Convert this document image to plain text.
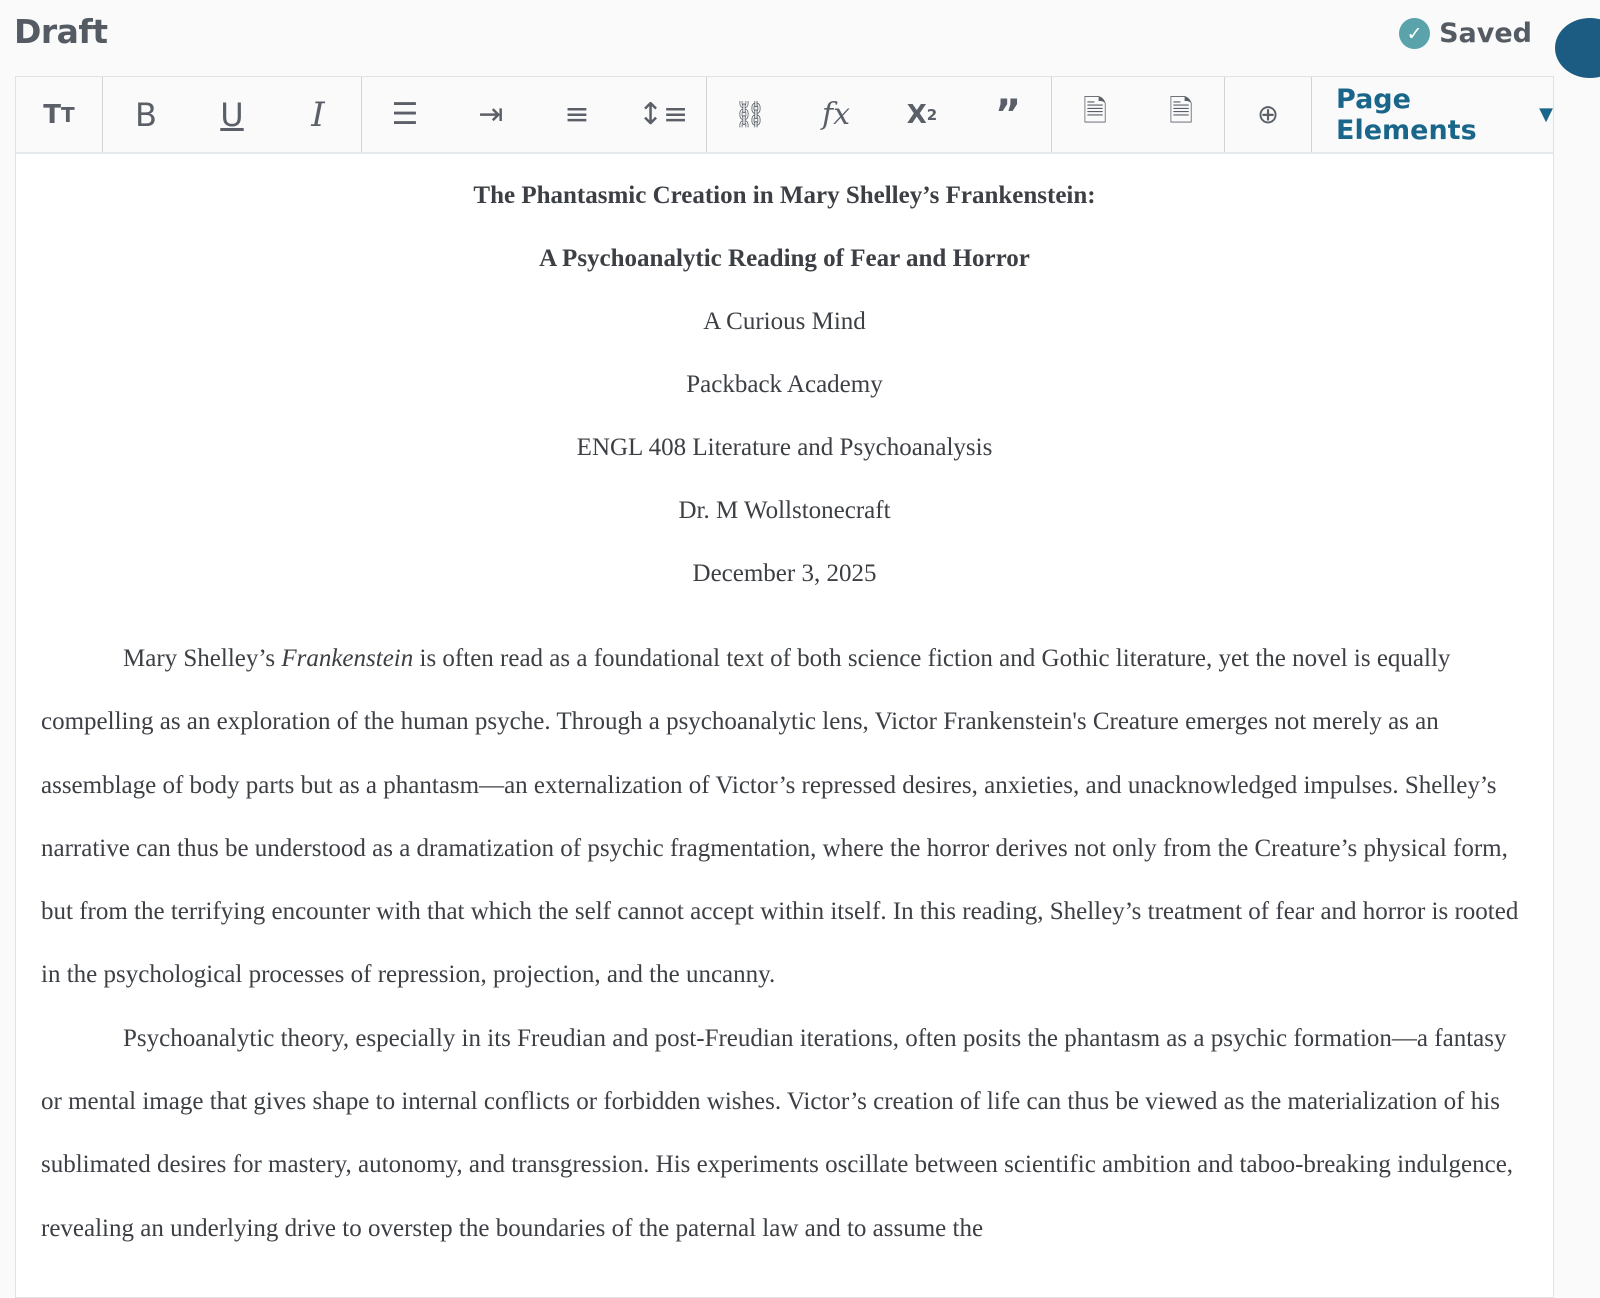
Draft	✓ Saved
T T	B	U	I	☰	⇥	≡	↕≡	⛓	fx	X 2	”	🗎	🗎	⊕	Page Elements	▼
The Phantasmic Creation in Mary Shelley’s Frankenstein:
A Psychoanalytic Reading of Fear and Horror
A Curious Mind
Packback Academy
ENGL 408 Literature and Psychoanalysis
Dr. M Wollstonecraft
December 3, 2025

Mary Shelley’s Frankenstein is often read as a foundational text of both science fiction and Gothic literature, yet the novel is equally compelling as an exploration of the human psyche. Through a psychoanalytic lens, Victor Frankenstein's Creature emerges not merely as an assemblage of body parts but as a phantasm—an externalization of Victor’s repressed desires, anxieties, and unacknowledged impulses. Shelley’s narrative can thus be understood as a dramatization of psychic fragmentation, where the horror derives not only from the Creature’s physical form, but from the terrifying encounter with that which the self cannot accept within itself. In this reading, Shelley’s treatment of fear and horror is rooted in the psychological processes of repression, projection, and the uncanny.

Psychoanalytic theory, especially in its Freudian and post-Freudian iterations, often posits the phantasm as a psychic formation—a fantasy or mental image that gives shape to internal conflicts or forbidden wishes. Victor’s creation of life can thus be viewed as the materialization of his sublimated desires for mastery, autonomy, and transgression. His experiments oscillate between scientific ambition and taboo-breaking indulgence, revealing an underlying drive to overstep the boundaries of the paternal law and to assume the
